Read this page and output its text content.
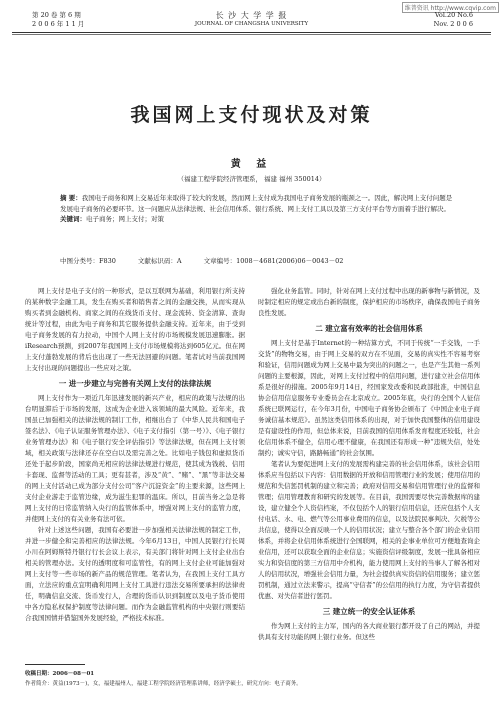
维普资讯 http://www.cqvip.com
第 20 卷 第 6 期
2 0 0 6 年 1 1 月
长 沙 大 学 学 报
JOURNAL OF CHANGSHA UNIVERSITY
Vol.20 No.6
Nov. 2 0 0 6
我国网上支付现状及对策
黄 益
（福建工程学院经济管理系， 福建 福州 350014）
摘 要：我国电子商务和网上交易近年来取得了较大的发展，然而网上支付成为我国电子商务发展的瓶颈之一。因此，解决网上支付问题是发展电子商务的必要环节。这一问题应从法律法规、社会信用体系、银行系统、网上支付工具以及第三方支付平台等方面着手进行解决。
关键词：电子商务；网上支付；对策
中图分类号：F830	文献标识码：A	文章编号：1008－4681(2006)06－0043－02

网上支付是电子支付的一种形式，是以互联网为基础，利用银行所支持的某种数字金融工具，发生在购买者和销售者之间的金融交换，从而实现从购买者到金融机构、商家之间的在线货币支付、现金流转、资金清算、查询统计等过程，由此为电子商务和其它服务提供金融支持。近年来，由于受到电子商务发展的有力拉动，中国个人网上支付的市场规模发展迅速膨胀。据iResearch预测，到2007年我国网上支付市场规模将达到605亿元。但在网上支付蓬勃发展的背后也出现了一些无法回避的问题。笔者试对当前我国网上支付出现的问题提出一些应对之策。

一 进一步建立与完善有关网上支付的法律法规

网上支付作为一项近几年迅速发展的新兴产业，相应的政策与法规的出台明显滞后于市场的发展，这成为企业进入该领域的最大风险。近年来，我国虽已加强相关的法律法规的制订工作，相继出台了《中华人民共和国电子签名法》、《电子认证服务管理办法》、《电子支付指引（第一号）》、《电子银行业务管理办法》和《电子银行安全评估指引》等法律法规，但在网上支付领域，相关政策与法律还存在空白以及需完善之处。比如电子钱包和虚拟货币还处于起步阶段，国家尚无相应的法律法规进行规范，使其成为钱税、信用卡套现、监督等活动的工具；更有甚者，涉及“黄”、“赌”、“黑”等非法交易的网上支付活动已成为部分支付公司“客户沉淀资金”的主要来源，这些网上支付企业游走于监管边缘，成为滋生犯罪的温床。所以，目前当务之急是将网上支付的日常监管纳入央行的监管体系中，增强对网上支付的监管力度，并使网上支付的有关业务有法可依。

针对上述这些问题，我国有必要进一步加强相关法律法规的制定工作，并进一步健全和完善相应的法律法规。今年6月13日，中国人民银行行长周小川在阿姆斯特丹银行行长会议上表示，有关部门将针对网上支付企业出台相关的管理办法。支付的透明度和可监管性，有的网上支付企业可能加强对网上支付等一些市场的新产品的规范管理。笔者认为，在我国上支付工具方面，立法应的重点宜明确利用网上支付工具进行违法交易所要承担的法律责任，明确信息交流、货币发行人，合理的货币认识到制度以及电子货币使用中各方隐私权保护制度等法律问题。而作为金融监管机构的中央银行则要结合我国国情并借鉴国外发展经验，严格技术标准。

强化业务监管。同时，针对在网上支付过程中出现的新事物与新情况，及时制定相应的规定或出台新的制度，保护相应的市场秩序，确保我国电子商务良性发展。

二 建立富有效率的社会信用体系

网上支付是基于Internet的一种结算方式，不同于传统“一手交钱，一手交货”的物物交易，由于网上交易的双方在不见面，交易的真实性不容易考察和验证，信用问题成为网上交易中最为突出的问题之一，也是产生其他一系列问题的主要根源，因此，对网上支付过程中的信用问题，进行建立社会信用体系是很好的措施。2005年9月14日，经国家发改委和民政部批准，中国信息协会信用信息服务专业委员会在北京成立。2005年底，央行的全国个人征信系统已联网运行，在今年3月份，中国电子商务协会颁布了《中国企业电子商务诚信基本规范》。虽然这类信用体系的出现，对于加快我国整体的信用建设是有建设性的作用，但总体来说，目前我国的信用体系发育程度还较低，社会化信用体系不健全，信用心理不健康，在我国还有形成一种“违规失信，处处制约；诚实守信，路路畅通”的社会氛围。

笔者认为要促进网上支付的发展需构建完善的社会信用体系，该社会信用体系应当包括以下内容：信用数据的开放和信用管理行业的发展；使用信用的规范和失信惩罚机制的建立和完善；政府对信用交易和信用管理行业的监督和管理；信用管理教育和研究的发展等。在目前，我国需要尽快完善数据库的建设，建立健全个人资信档案，不仅包括个人的银行信用信息，还应包括个人支付电话、水、电、燃气等公用事业费用的信息，以及法院民事判决、欠税等公共信息，使得以全面反映一个人的信用状况；建立与整合各个部门的企业信用体系，并将企业信用体系统进行全国联网，相关的企事业单位可方便地查询企业信用，还可以获取全面的企业信息；实施资信评级制度，发展一批具备相应实力和资信度的第三方信用中介机构，能力使用网上支付的当事人了解各相对人的信用状况，增强社会信用力量，为社会提供真实资信的信用服务；建立惩罚机制，通过立法来警示，提高“守信者”的公信用的执行力度，为守信者提供优惠、对失信者进行惩罚。

三 建立统一的安全认证体系

作为网上支付的主力军，国内的各大商业银行都开设了自己的网站，并提供具有支付功能的网上银行业务。但这些

收稿日期：2006－08－01
作者简介：黄益(1973－)，女，福建福州人，福建工程学院经济管理系讲师，经济学硕士，研究方向：电子商务。
